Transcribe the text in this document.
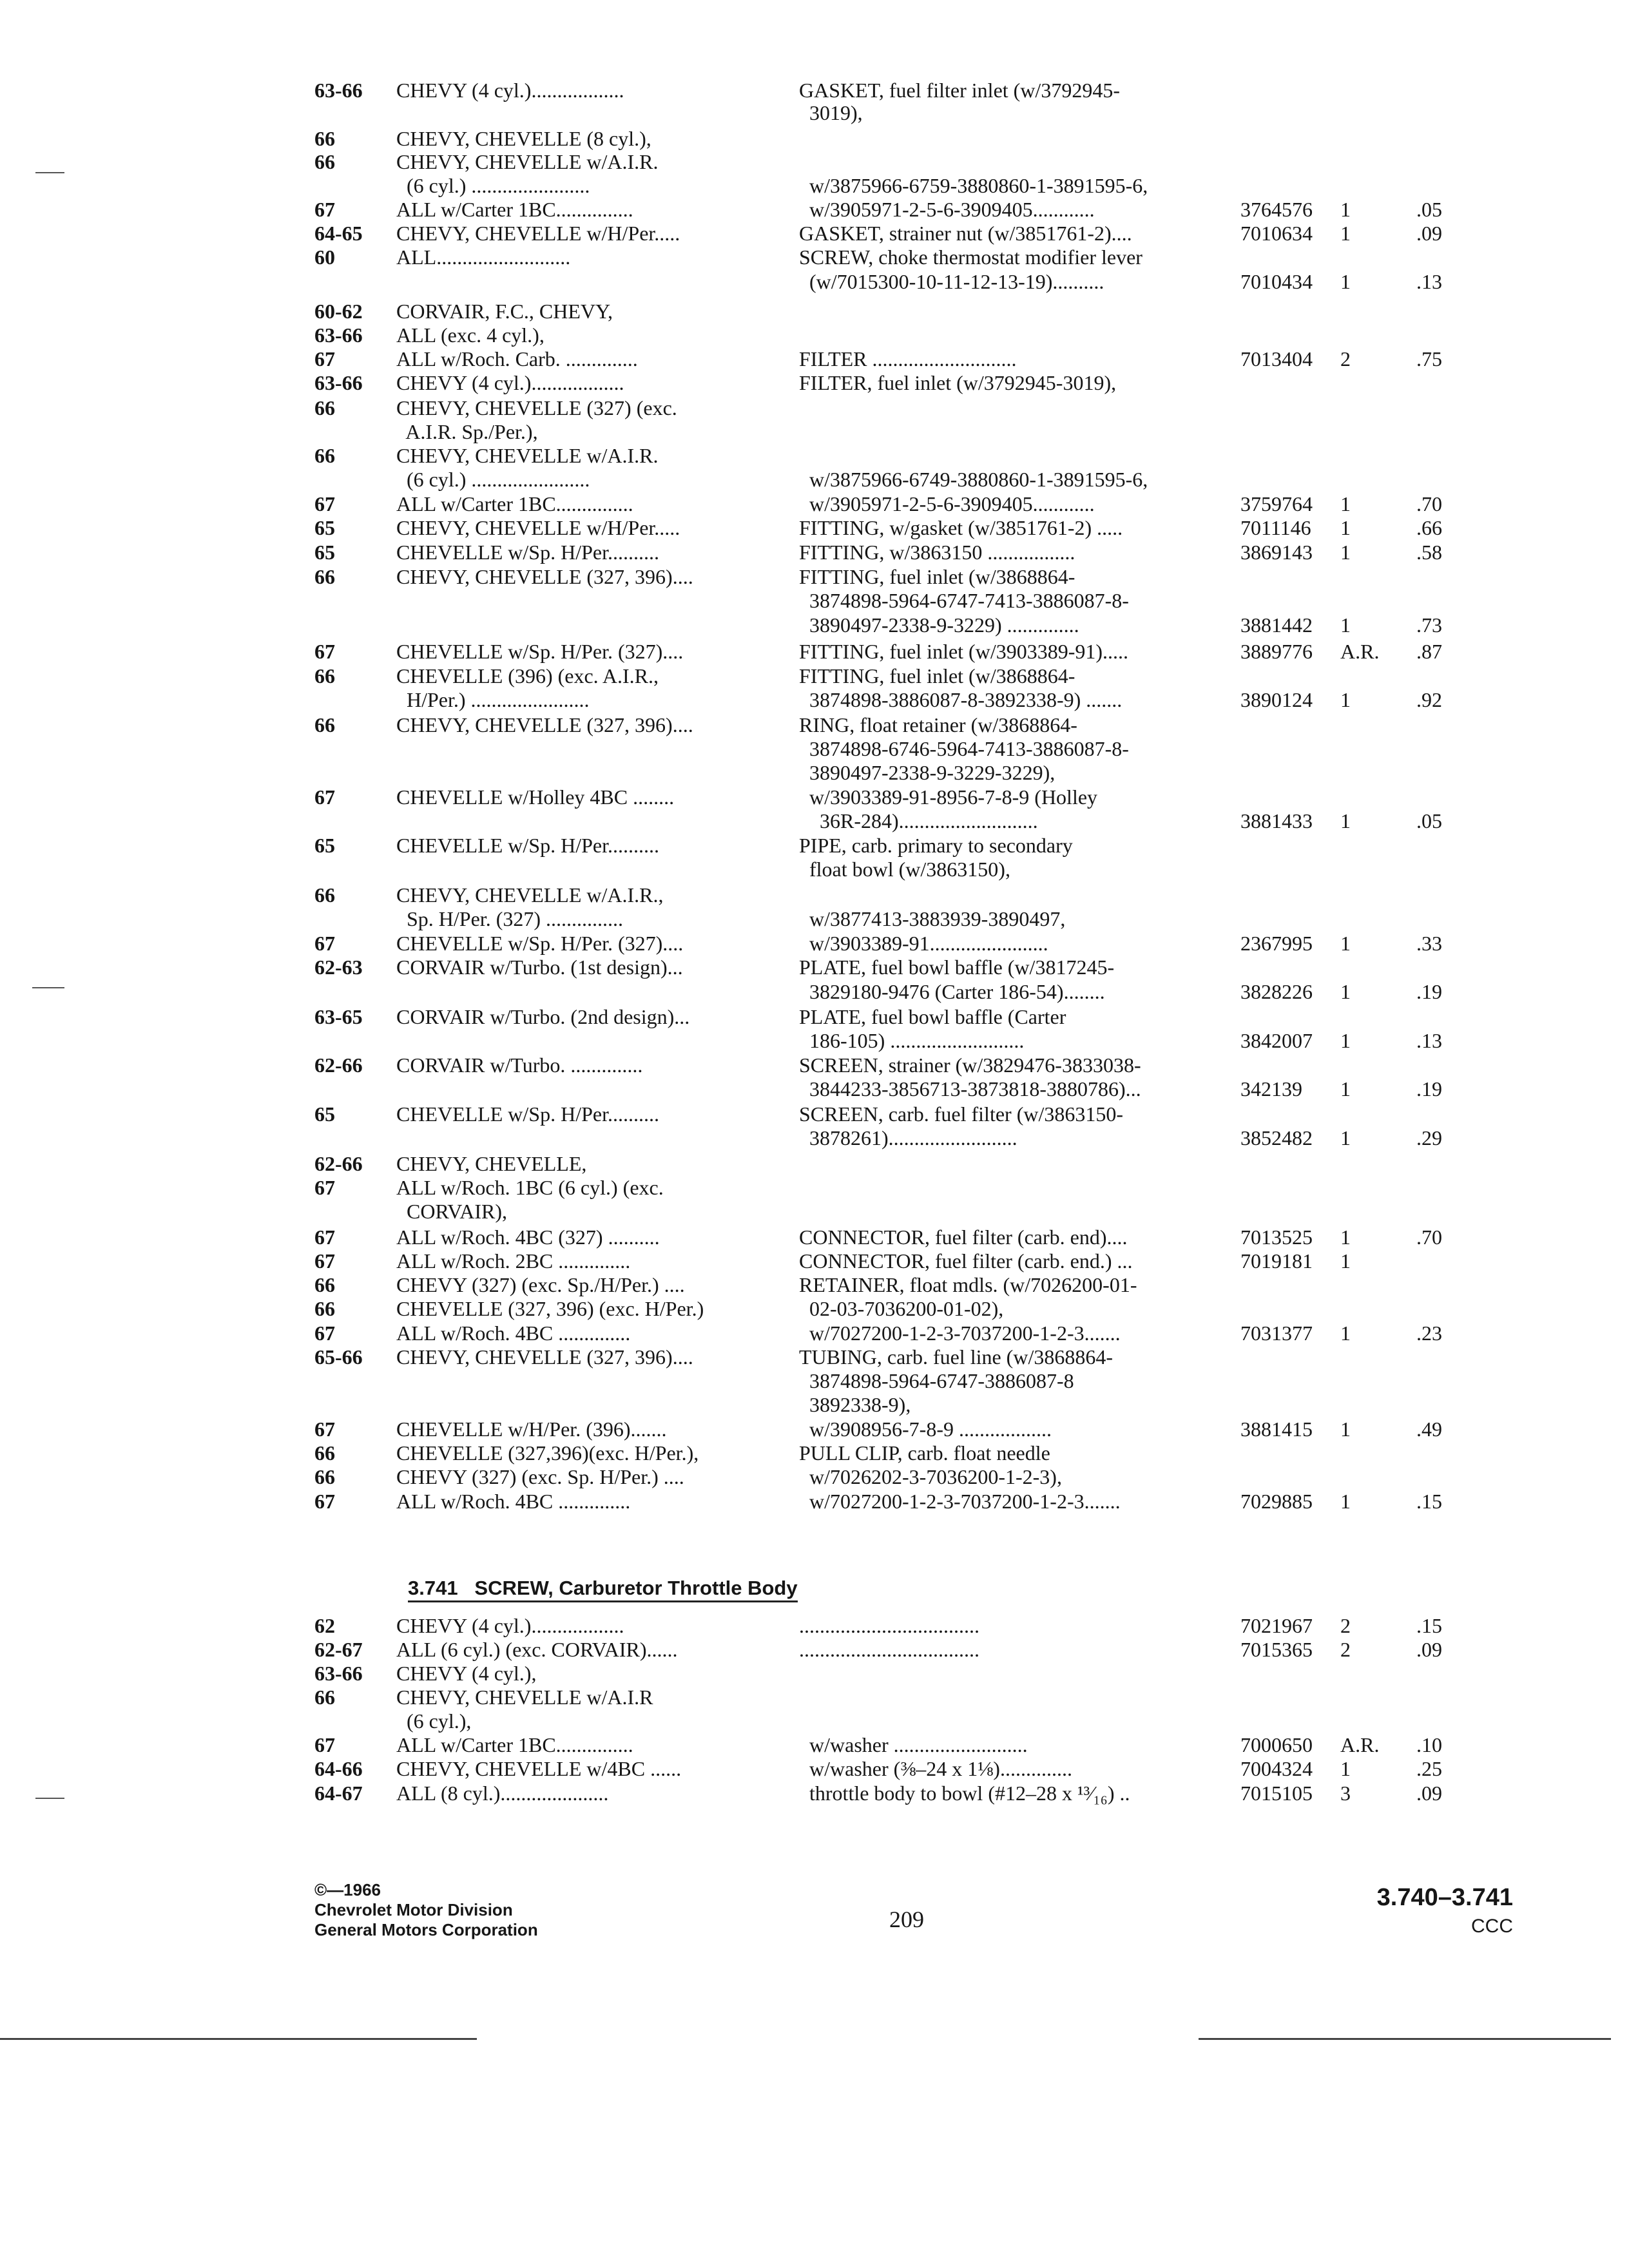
63-66 CHEVY (4 cyl.)..................	GASKET, fuel filter inlet (w/3792945-
3019),
66	CHEVY, CHEVELLE (8 cyl.),
66	CHEVY, CHEVELLE w/A.I.R.
(6 cyl.) .......................	w/3875966-6759-3880860-1-3891595-6,
67	ALL w/Carter 1BC...............	w/3905971-2-5-6-3909405............	3764576 1	.05
64-65 CHEVY, CHEVELLE w/H/Per.....	GASKET, strainer nut (w/3851761-2)....	7010634 1	.09
60	ALL..........................	SCREW, choke thermostat modifier lever
(w/7015300-10-11-12-13-19)..........	7010434 1	.13
60-62 CORVAIR, F.C., CHEVY,
63-66 ALL (exc. 4 cyl.),
67	ALL w/Roch. Carb. ..............	FILTER ............................	7013404 2	.75
63-66 CHEVY (4 cyl.)..................	FILTER, fuel inlet (w/3792945-3019),
66	CHEVY, CHEVELLE (327) (exc.
A.I.R. Sp./Per.),
66	CHEVY, CHEVELLE w/A.I.R.
(6 cyl.) .......................	w/3875966-6749-3880860-1-3891595-6,
67	ALL w/Carter 1BC...............	w/3905971-2-5-6-3909405............	3759764 1	.70
65	CHEVY, CHEVELLE w/H/Per.....	FITTING, w/gasket (w/3851761-2) .....	7011146 1	.66
65	CHEVELLE w/Sp. H/Per..........	FITTING, w/3863150 .................	3869143 1	.58
66	CHEVY, CHEVELLE (327, 396)....	FITTING, fuel inlet (w/3868864-
3874898-5964-6747-7413-3886087-8-
3890497-2338-9-3229) ..............	3881442 1	.73
67	CHEVELLE w/Sp. H/Per. (327)....	FITTING, fuel inlet (w/3903389-91).....	3889776 A.R. .87
66	CHEVELLE (396) (exc. A.I.R.,	FITTING, fuel inlet (w/3868864-
H/Per.) .......................	3874898-3886087-8-3892338-9) .......	3890124 1	.92
66	CHEVY, CHEVELLE (327, 396)....	RING, float retainer (w/3868864-
3874898-6746-5964-7413-3886087-8-
3890497-2338-9-3229-3229),
67	CHEVELLE w/Holley 4BC ........	w/3903389-91-8956-7-8-9 (Holley
36R-284)...........................	3881433 1	.05
65	CHEVELLE w/Sp. H/Per..........	PIPE, carb. primary to secondary
float bowl (w/3863150),
66	CHEVY, CHEVELLE w/A.I.R.,
Sp. H/Per. (327) ...............	w/3877413-3883939-3890497,
67	CHEVELLE w/Sp. H/Per. (327)....	w/3903389-91.......................	2367995 1	.33
62-63 CORVAIR w/Turbo. (1st design)...	PLATE, fuel bowl baffle (w/3817245-
3829180-9476 (Carter 186-54)........	3828226 1	.19
63-65 CORVAIR w/Turbo. (2nd design)...	PLATE, fuel bowl baffle (Carter
186-105) ..........................	3842007 1	.13
62-66 CORVAIR w/Turbo. ..............	SCREEN, strainer (w/3829476-3833038-
3844233-3856713-3873818-3880786)...	342139 1	.19
65	CHEVELLE w/Sp. H/Per..........	SCREEN, carb. fuel filter (w/3863150-
3878261).........................	3852482 1	.29
62-66 CHEVY, CHEVELLE,
67	ALL w/Roch. 1BC (6 cyl.) (exc.
CORVAIR),
67	ALL w/Roch. 4BC (327) ..........	CONNECTOR, fuel filter (carb. end)....	7013525 1	.70
67	ALL w/Roch. 2BC ..............	CONNECTOR, fuel filter (carb. end.) ...	7019181 1
66	CHEVY (327) (exc. Sp./H/Per.) ....	RETAINER, float mdls. (w/7026200-01-
66	CHEVELLE (327, 396) (exc. H/Per.)	02-03-7036200-01-02),
67	ALL w/Roch. 4BC ..............	w/7027200-1-2-3-7037200-1-2-3.......	7031377 1	.23
65-66 CHEVY, CHEVELLE (327, 396)....	TUBING, carb. fuel line (w/3868864-
3874898-5964-6747-3886087-8
3892338-9),
67	CHEVELLE w/H/Per. (396).......	w/3908956-7-8-9 ..................	3881415 1	.49
66	CHEVELLE (327,396)(exc. H/Per.),	PULL CLIP, carb. float needle
66	CHEVY (327) (exc. Sp. H/Per.) ....	w/7026202-3-7036200-1-2-3),
67	ALL w/Roch. 4BC ..............	w/7027200-1-2-3-7037200-1-2-3.......	7029885 1	.15
62	CHEVY (4 cyl.)..................	...................................	7021967 2	.15
62-67 ALL (6 cyl.) (exc. CORVAIR)......	...................................	7015365 2	.09
63-66 CHEVY (4 cyl.),
66	CHEVY, CHEVELLE w/A.I.R
(6 cyl.),
67	ALL w/Carter 1BC...............	w/washer ..........................	7000650 A.R. .10
64-66 CHEVY, CHEVELLE w/4BC ......	w/washer (⅜–24 x 1⅛)..............	7004324 1	.25
64-67 ALL (8 cyl.).....................	throttle body to bowl (#12–28 x ¹³⁄₁₆) ..	7015105 3	.09
3.741   SCREW, Carburetor Throttle Body
©—1966
Chevrolet Motor Division
General Motors Corporation	209
3.740–3.741
CCC
